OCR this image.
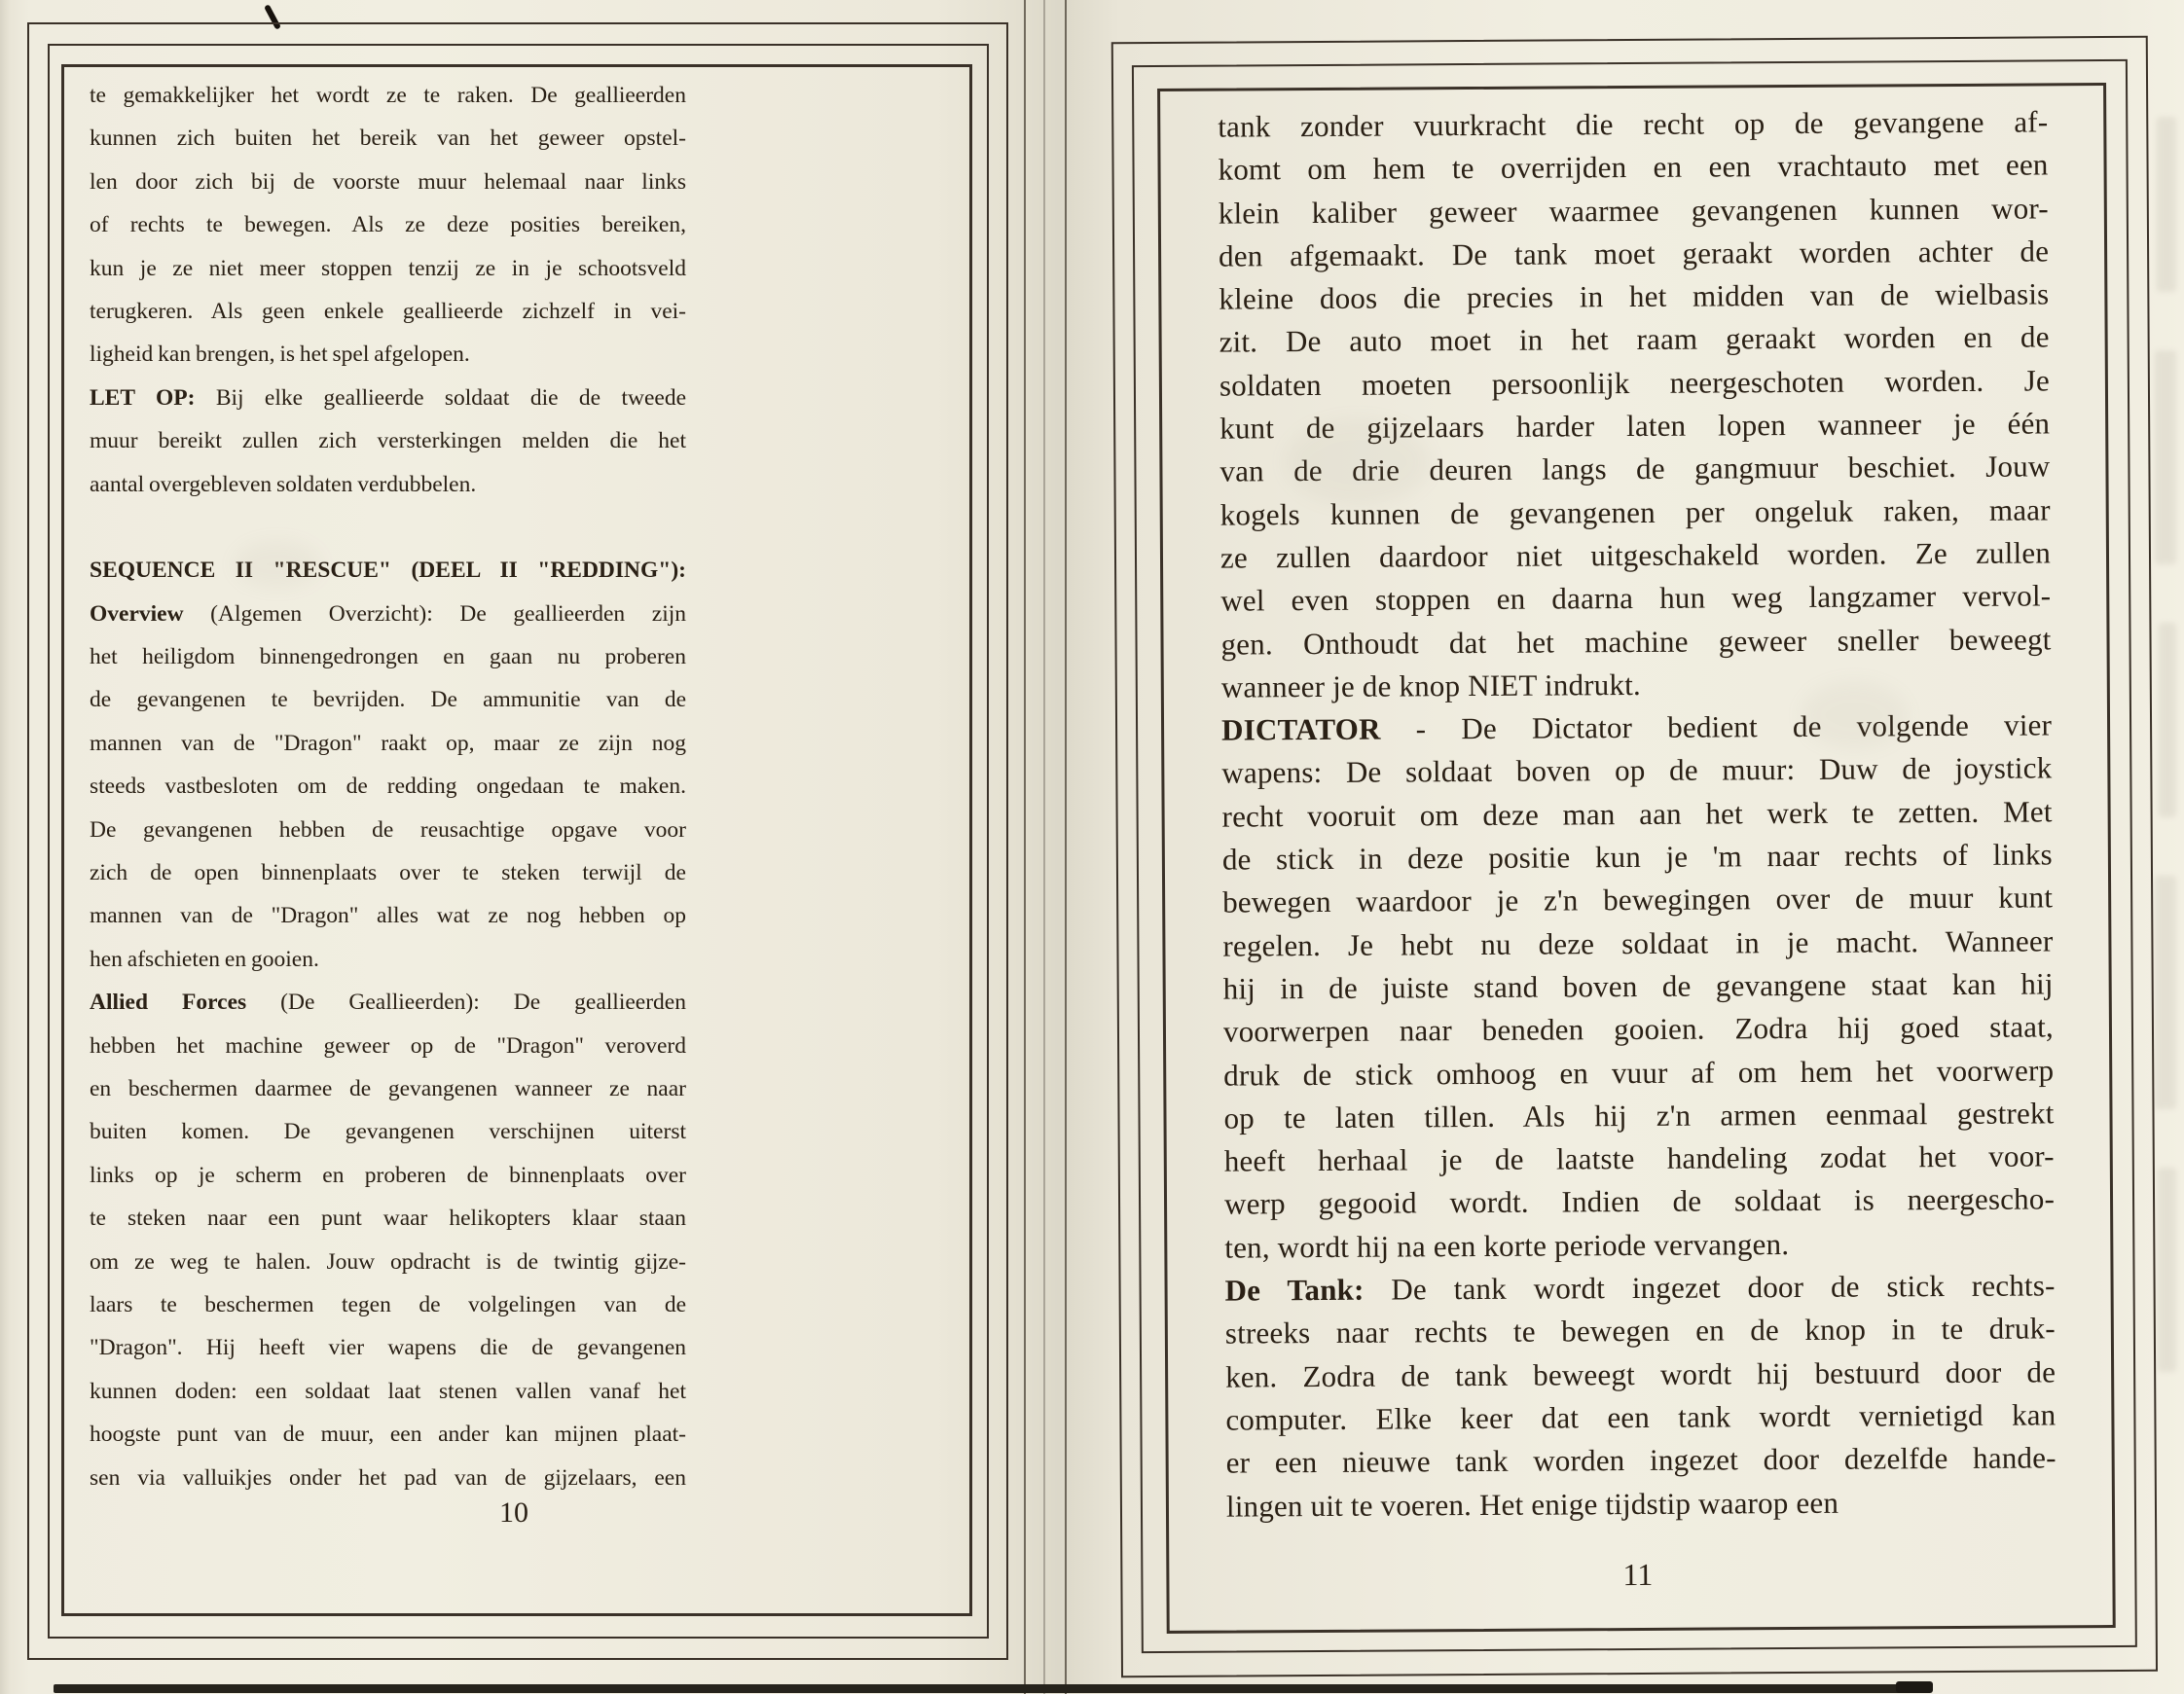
te gemakkelijker het wordt ze te raken. De geallieerden
kunnen zich buiten het bereik van het geweer opstel-
len door zich bij de voorste muur helemaal naar links
of rechts te bewegen. Als ze deze posities bereiken,
kun je ze niet meer stoppen tenzij ze in je schootsveld
terugkeren. Als geen enkele geallieerde zichzelf in vei-
ligheid kan brengen, is het spel afgelopen.
LET OP: Bij elke geallieerde soldaat die de tweede
muur bereikt zullen zich versterkingen melden die het
aantal overgebleven soldaten verdubbelen.

SEQUENCE II "RESCUE" (DEEL II "REDDING"):
Overview (Algemen Overzicht): De geallieerden zijn
het heiligdom binnengedrongen en gaan nu proberen
de gevangenen te bevrijden. De ammunitie van de
mannen van de "Dragon" raakt op, maar ze zijn nog
steeds vastbesloten om de redding ongedaan te maken.
De gevangenen hebben de reusachtige opgave voor
zich de open binnenplaats over te steken terwijl de
mannen van de "Dragon" alles wat ze nog hebben op
hen afschieten en gooien.
Allied Forces (De Geallieerden): De geallieerden
hebben het machine geweer op de "Dragon" veroverd
en beschermen daarmee de gevangenen wanneer ze naar
buiten komen. De gevangenen verschijnen uiterst
links op je scherm en proberen de binnenplaats over
te steken naar een punt waar helikopters klaar staan
om ze weg te halen. Jouw opdracht is de twintig gijze-
laars te beschermen tegen de volgelingen van de
"Dragon". Hij heeft vier wapens die de gevangenen
kunnen doden: een soldaat laat stenen vallen vanaf het
hoogste punt van de muur, een ander kan mijnen plaat-
sen via valluikjes onder het pad van de gijzelaars, een
10
tank zonder vuurkracht die recht op de gevangene af-
komt om hem te overrijden en een vrachtauto met een
klein kaliber geweer waarmee gevangenen kunnen wor-
den afgemaakt. De tank moet geraakt worden achter de
kleine doos die precies in het midden van de wielbasis
zit. De auto moet in het raam geraakt worden en de
soldaten moeten persoonlijk neergeschoten worden. Je
kunt de gijzelaars harder laten lopen wanneer je één
van de drie deuren langs de gangmuur beschiet. Jouw
kogels kunnen de gevangenen per ongeluk raken, maar
ze zullen daardoor niet uitgeschakeld worden. Ze zullen
wel even stoppen en daarna hun weg langzamer vervol-
gen. Onthoudt dat het machine geweer sneller beweegt
wanneer je de knop NIET indrukt.
DICTATOR - De Dictator bedient de volgende vier
wapens: De soldaat boven op de muur: Duw de joystick
recht vooruit om deze man aan het werk te zetten. Met
de stick in deze positie kun je 'm naar rechts of links
bewegen waardoor je z'n bewegingen over de muur kunt
regelen. Je hebt nu deze soldaat in je macht. Wanneer
hij in de juiste stand boven de gevangene staat kan hij
voorwerpen naar beneden gooien. Zodra hij goed staat,
druk de stick omhoog en vuur af om hem het voorwerp
op te laten tillen. Als hij z'n armen eenmaal gestrekt
heeft herhaal je de laatste handeling zodat het voor-
werp gegooid wordt. Indien de soldaat is neergescho-
ten, wordt hij na een korte periode vervangen.
De Tank: De tank wordt ingezet door de stick rechts-
streeks naar rechts te bewegen en de knop in te druk-
ken. Zodra de tank beweegt wordt hij bestuurd door de
computer. Elke keer dat een tank wordt vernietigd kan
er een nieuwe tank worden ingezet door dezelfde hande-
lingen uit te voeren. Het enige tijdstip waarop een
11
